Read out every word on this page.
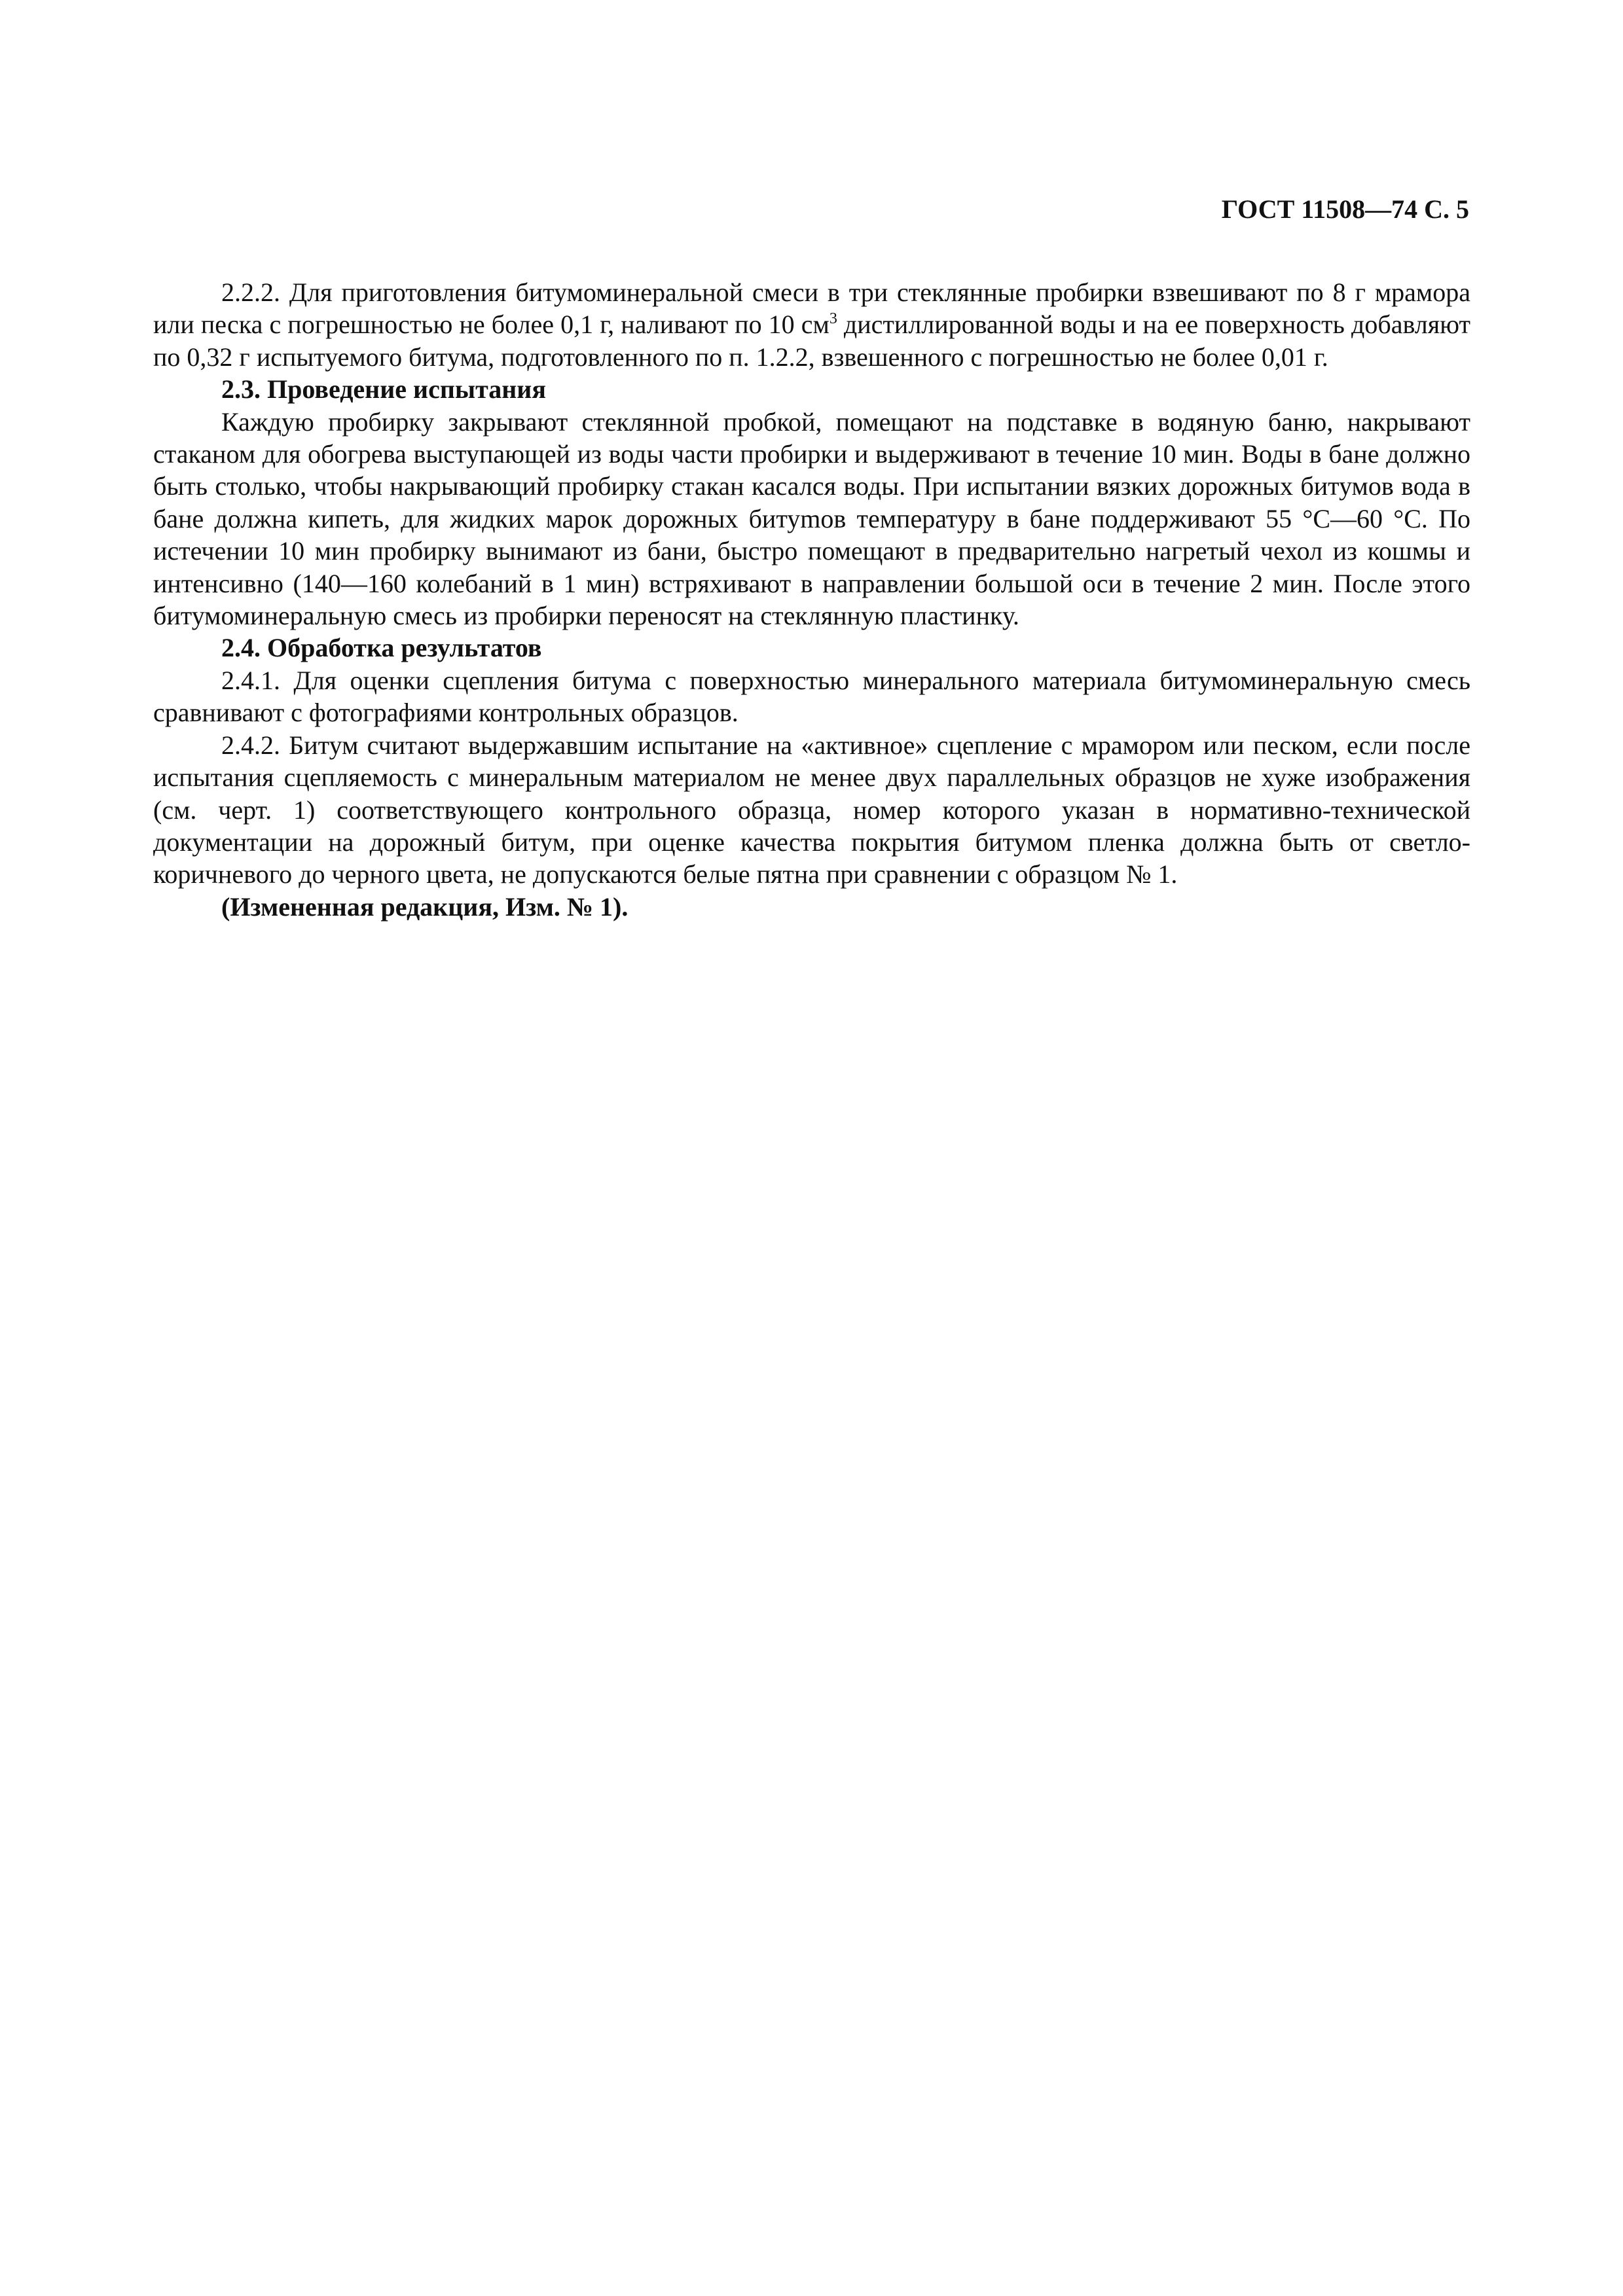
ГОСТ 11508—74 С. 5

2.2.2. Для приготовления битумоминеральной смеси в три стеклянные пробирки взвешивают по 8 г мрамора или песка с погрешностью не более 0,1 г, наливают по 10 $см^3$ дистиллированной воды и на ее поверхность добавляют по 0,32 г испытуемого битума, подготовленного по п. 1.2.2, взвешенного с погрешностью не более 0,01 г.

2.3. Проведение испытания

Каждую пробирку закрывают стеклянной пробкой, помещают на подставке в водяную баню, накрывают стаканом для обогрева выступающей из воды части пробирки и выдерживают в течение 10 мин. Воды в бане должно быть столько, чтобы накрывающий пробирку стакан касался воды. При испытании вязких дорожных битумов вода в бане должна кипеть, для жидких марок дорожных битуmов температуру в бане поддерживают 55 °С—60 °С. По истечении 10 мин пробирку вынимают из бани, быстро помещают в предварительно нагретый чехол из кошмы и интенсивно (140—160 колебаний в 1 мин) встряхивают в направлении большой оси в течение 2 мин. После этого битумоминеральную смесь из пробирки переносят на стеклянную пластинку.

2.4. Обработка результатов

2.4.1. Для оценки сцепления битума с поверхностью минерального материала битумоминеральную смесь сравнивают с фотографиями контрольных образцов.

2.4.2. Битум считают выдержавшим испытание на «активное» сцепление с мрамором или песком, если после испытания сцепляемость с минеральным материалом не менее двух параллельных образцов не хуже изображения (см. черт. 1) соответствующего контрольного образца, номер которого указан в нормативно-технической документации на дорожный битум, при оценке качества покрытия битумом пленка должна быть от светло-коричневого до черного цвета, не допускаются белые пятна при сравнении с образцом № 1.

(Измененная редакция, Изм. № 1).
